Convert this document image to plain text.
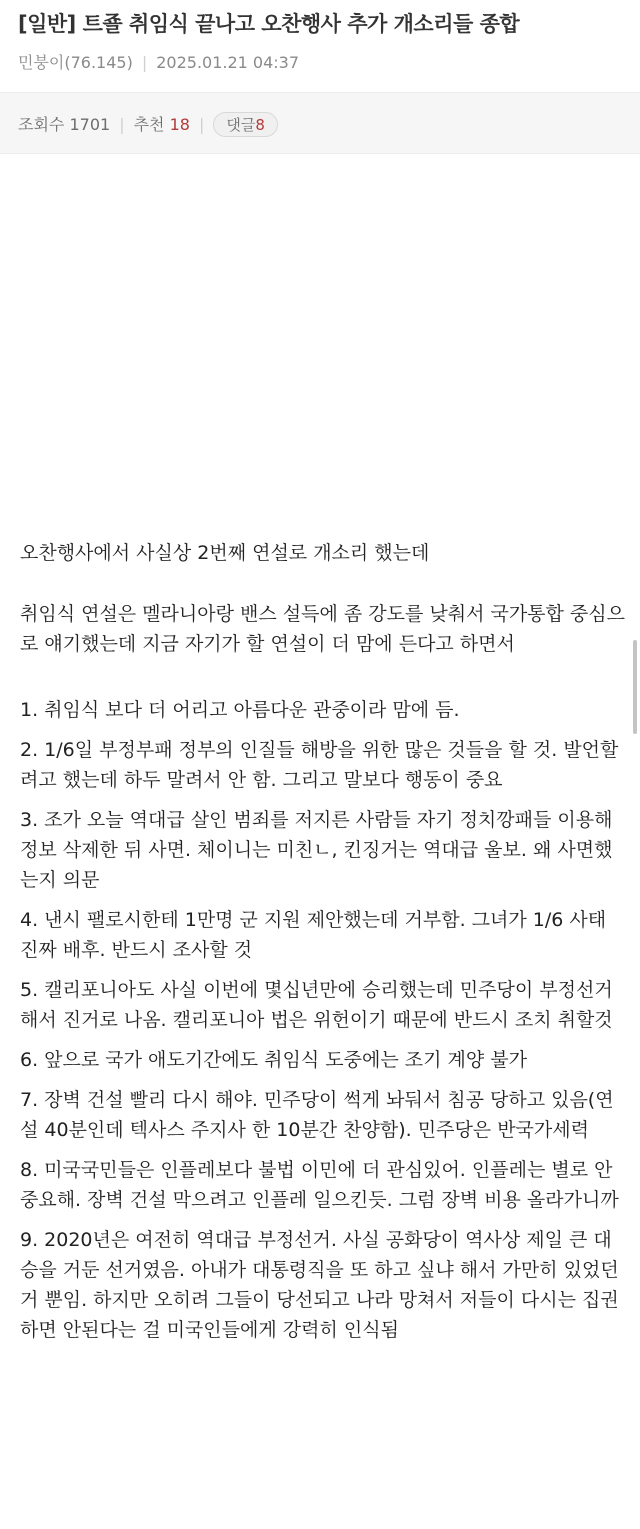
[일반] 트죨 취임식 끝나고 오찬행사 추가 개소리들 종합
민붕이(76.145) | 2025.01.21 04:37
조회수 1701 | 추천 18 | 댓글8

오찬행사에서 사실상 2번째 연설로 개소리 했는데

취임식 연설은 멜라니아랑 밴스 설득에 좀 강도를 낮춰서 국가통합 중심으로 얘기했는데 지금 자기가 할 연설이 더 맘에 든다고 하면서

1. 취임식 보다 더 어리고 아름다운 관중이라 맘에 듬.

2. 1/6일 부정부패 정부의 인질들 해방을 위한 많은 것들을 할 것. 발언할려고 했는데 하두 말려서 안 함. 그리고 말보다 행동이 중요

3. 조가 오늘 역대급 살인 범죄를 저지른 사람들 자기 정치깡패들 이용해 정보 삭제한 뒤 사면. 체이니는 미친ㄴ, 킨징거는 역대급 울보. 왜 사면했는지 의문

4. 낸시 팰로시한테 1만명 군 지원 제안했는데 거부함. 그녀가 1/6 사태 진짜 배후. 반드시 조사할 것

5. 캘리포니아도 사실 이번에 몇십년만에 승리했는데 민주당이 부정선거해서 진거로 나옴. 캘리포니아 법은 위헌이기 때문에 반드시 조치 취할것

6. 앞으로 국가 애도기간에도 취임식 도중에는 조기 계양 불가

7. 장벽 건설 빨리 다시 해야. 민주당이 썩게 놔둬서 침공 당하고 있음(연설 40분인데 텍사스 주지사 한 10분간 찬양함). 민주당은 반국가세력

8. 미국국민들은 인플레보다 불법 이민에 더 관심있어. 인플레는 별로 안 중요해. 장벽 건설 막으려고 인플레 일으킨듯. 그럼 장벽 비용 올라가니까

9. 2020년은 여전히 역대급 부정선거. 사실 공화당이 역사상 제일 큰 대승을 거둔 선거였음. 아내가 대통령직을 또 하고 싶냐 해서 가만히 있었던거 뿐임. 하지만 오히려 그들이 당선되고 나라 망쳐서 저들이 다시는 집권하면 안된다는 걸 미국인들에게 강력히 인식됨
